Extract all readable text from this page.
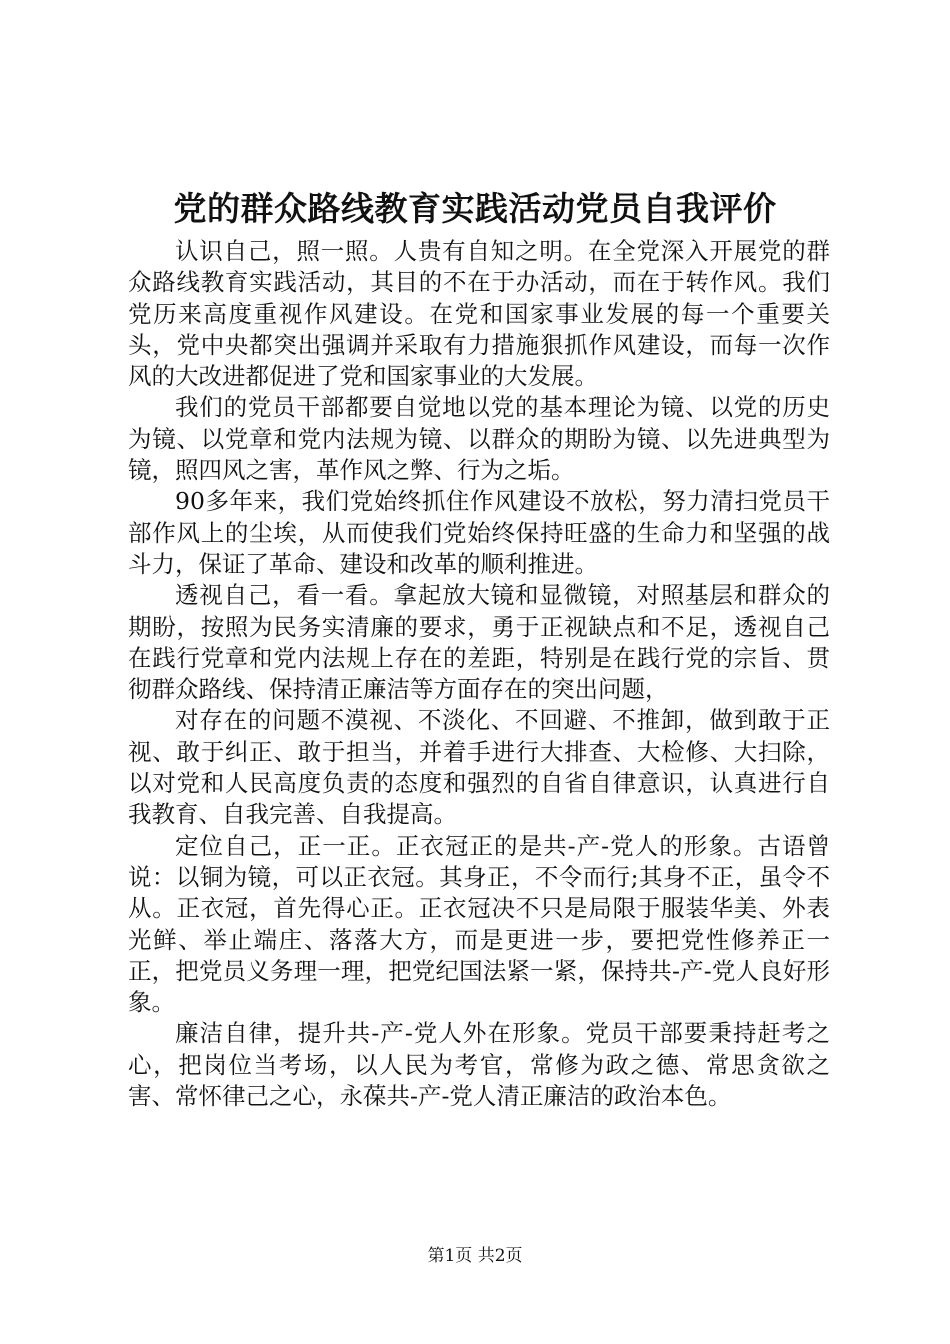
党的群众路线教育实践活动党员自我评价

认识自己，照一照。人贵有自知之明。在全党深入开展党的群众路线教育实践活动，其目的不在于办活动，而在于转作风。我们党历来高度重视作风建设。在党和国家事业发展的每一个重要关头，党中央都突出强调并采取有力措施狠抓作风建设，而每一次作风的大改进都促进了党和国家事业的大发展。

我们的党员干部都要自觉地以党的基本理论为镜、以党的历史为镜、以党章和党内法规为镜、以群众的期盼为镜、以先进典型为镜，照四风之害，革作风之弊、行为之垢。

90多年来，我们党始终抓住作风建设不放松，努力清扫党员干部作风上的尘埃，从而使我们党始终保持旺盛的生命力和坚强的战斗力，保证了革命、建设和改革的顺利推进。

透视自己，看一看。拿起放大镜和显微镜，对照基层和群众的期盼，按照为民务实清廉的要求，勇于正视缺点和不足，透视自己在践行党章和党内法规上存在的差距，特别是在践行党的宗旨、贯彻群众路线、保持清正廉洁等方面存在的突出问题，

对存在的问题不漠视、不淡化、不回避、不推卸，做到敢于正视、敢于纠正、敢于担当，并着手进行大排查、大检修、大扫除，以对党和人民高度负责的态度和强烈的自省自律意识，认真进行自我教育、自我完善、自我提高。

定位自己，正一正。正衣冠正的是共-产-党人的形象。古语曾说：以铜为镜，可以正衣冠。其身正，不令而行;其身不正，虽令不从。正衣冠，首先得心正。正衣冠决不只是局限于服装华美、外表光鲜、举止端庄、落落大方，而是更进一步，要把党性修养正一正，把党员义务理一理，把党纪国法紧一紧，保持共-产-党人良好形象。

廉洁自律，提升共-产-党人外在形象。党员干部要秉持赶考之心，把岗位当考场，以人民为考官，常修为政之德、常思贪欲之害、常怀律己之心，永葆共-产-党人清正廉洁的政治本色。

第1页 共2页
